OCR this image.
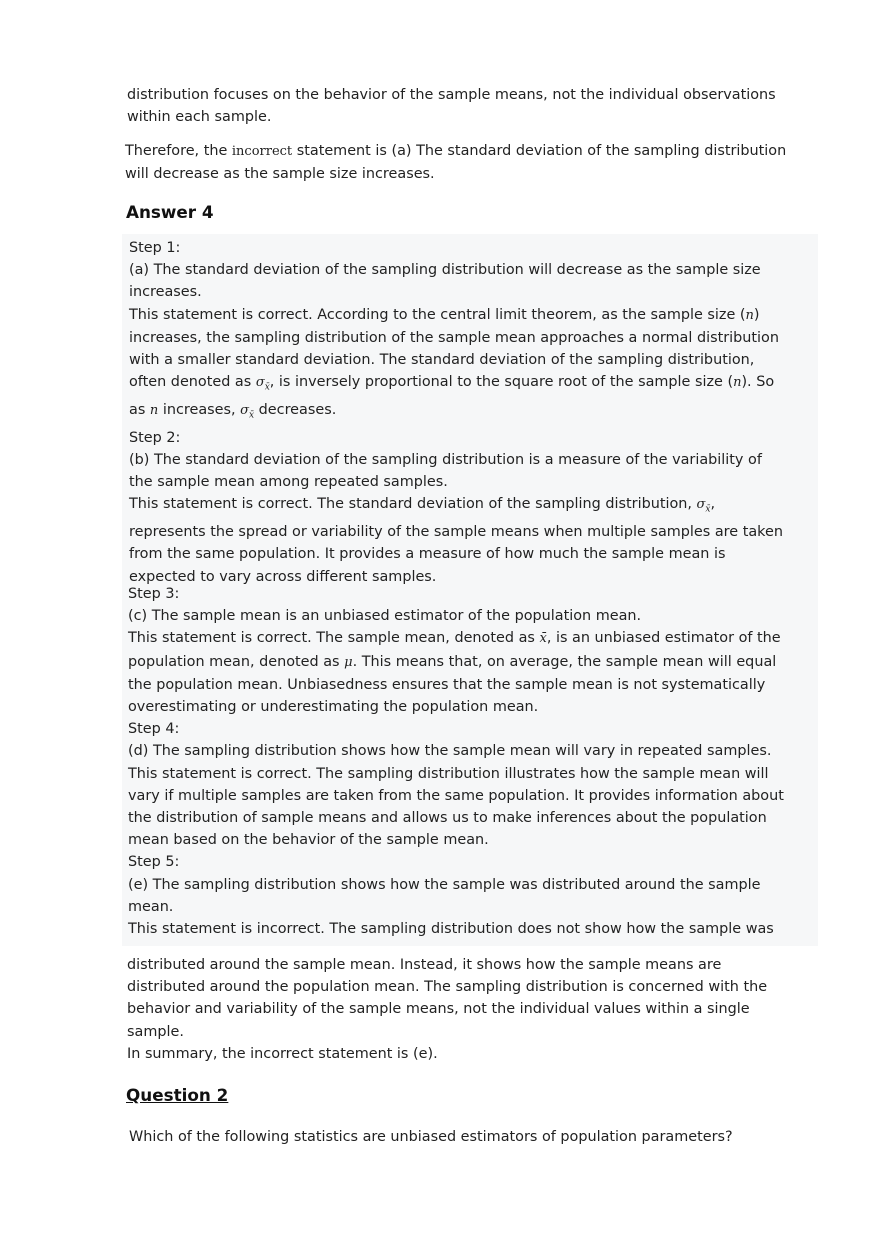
distribution focuses on the behavior of the sample means, not the individual observations

within each sample.

Therefore, the incorrect statement is (a) The standard deviation of the sampling distribution

will decrease as the sample size increases.

Answer 4

Step 1:

(a) The standard deviation of the sampling distribution will decrease as the sample size

increases.

This statement is correct. According to the central limit theorem, as the sample size (n)

increases, the sampling distribution of the sample mean approaches a normal distribution

with a smaller standard deviation. The standard deviation of the sampling distribution,

often denoted as $\sigma_{x̄}$, is inversely proportional to the square root of the sample size (n). So

as n increases, $\sigma_{x̄}$ decreases.

Step 2:

(b) The standard deviation of the sampling distribution is a measure of the variability of

the sample mean among repeated samples.

This statement is correct. The standard deviation of the sampling distribution, $\sigma_{x̄}$,

represents the spread or variability of the sample means when multiple samples are taken

from the same population. It provides a measure of how much the sample mean is

expected to vary across different samples.

Step 3:

(c) The sample mean is an unbiased estimator of the population mean.

This statement is correct. The sample mean, denoted as x̄, is an unbiased estimator of the

population mean, denoted as μ. This means that, on average, the sample mean will equal

the population mean. Unbiasedness ensures that the sample mean is not systematically

overestimating or underestimating the population mean.

Step 4:

(d) The sampling distribution shows how the sample mean will vary in repeated samples.

This statement is correct. The sampling distribution illustrates how the sample mean will

vary if multiple samples are taken from the same population. It provides information about

the distribution of sample means and allows us to make inferences about the population

mean based on the behavior of the sample mean.

Step 5:

(e) The sampling distribution shows how the sample was distributed around the sample

mean.

This statement is incorrect. The sampling distribution does not show how the sample was

distributed around the sample mean. Instead, it shows how the sample means are

distributed around the population mean. The sampling distribution is concerned with the

behavior and variability of the sample means, not the individual values within a single

sample.

In summary, the incorrect statement is (e).

Question 2

Which of the following statistics are unbiased estimators of population parameters?
